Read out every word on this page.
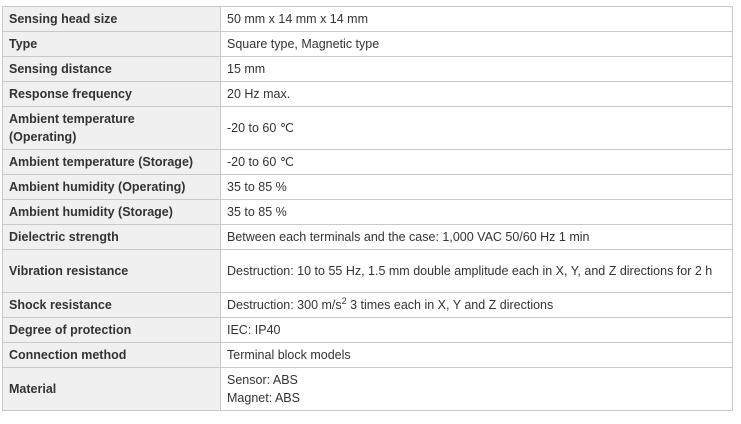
Sensing head size	50 mm x 14 mm x 14 mm
Type	Square type, Magnetic type
Sensing distance	15 mm
Response frequency	20 Hz max.

Ambient temperature
(Operating)	-20 to 60 ℃
Ambient temperature (Storage)	-20 to 60 ℃
Ambient humidity (Operating)	35 to 85 %
Ambient humidity (Storage)	35 to 85 %
Dielectric strength	Between each terminals and the case: 1,000 VAC 50/60 Hz 1 min
Vibration resistance	Destruction: 10 to 55 Hz, 1.5 mm double amplitude each in X, Y, and Z directions for 2 h
Shock resistance	Destruction: 300 $m/s^2$ 3 times each in X, Y and Z directions
Degree of protection	IEC: IP40
Connection method	Terminal block models
Material	Sensor: ABS
Magnet: ABS
